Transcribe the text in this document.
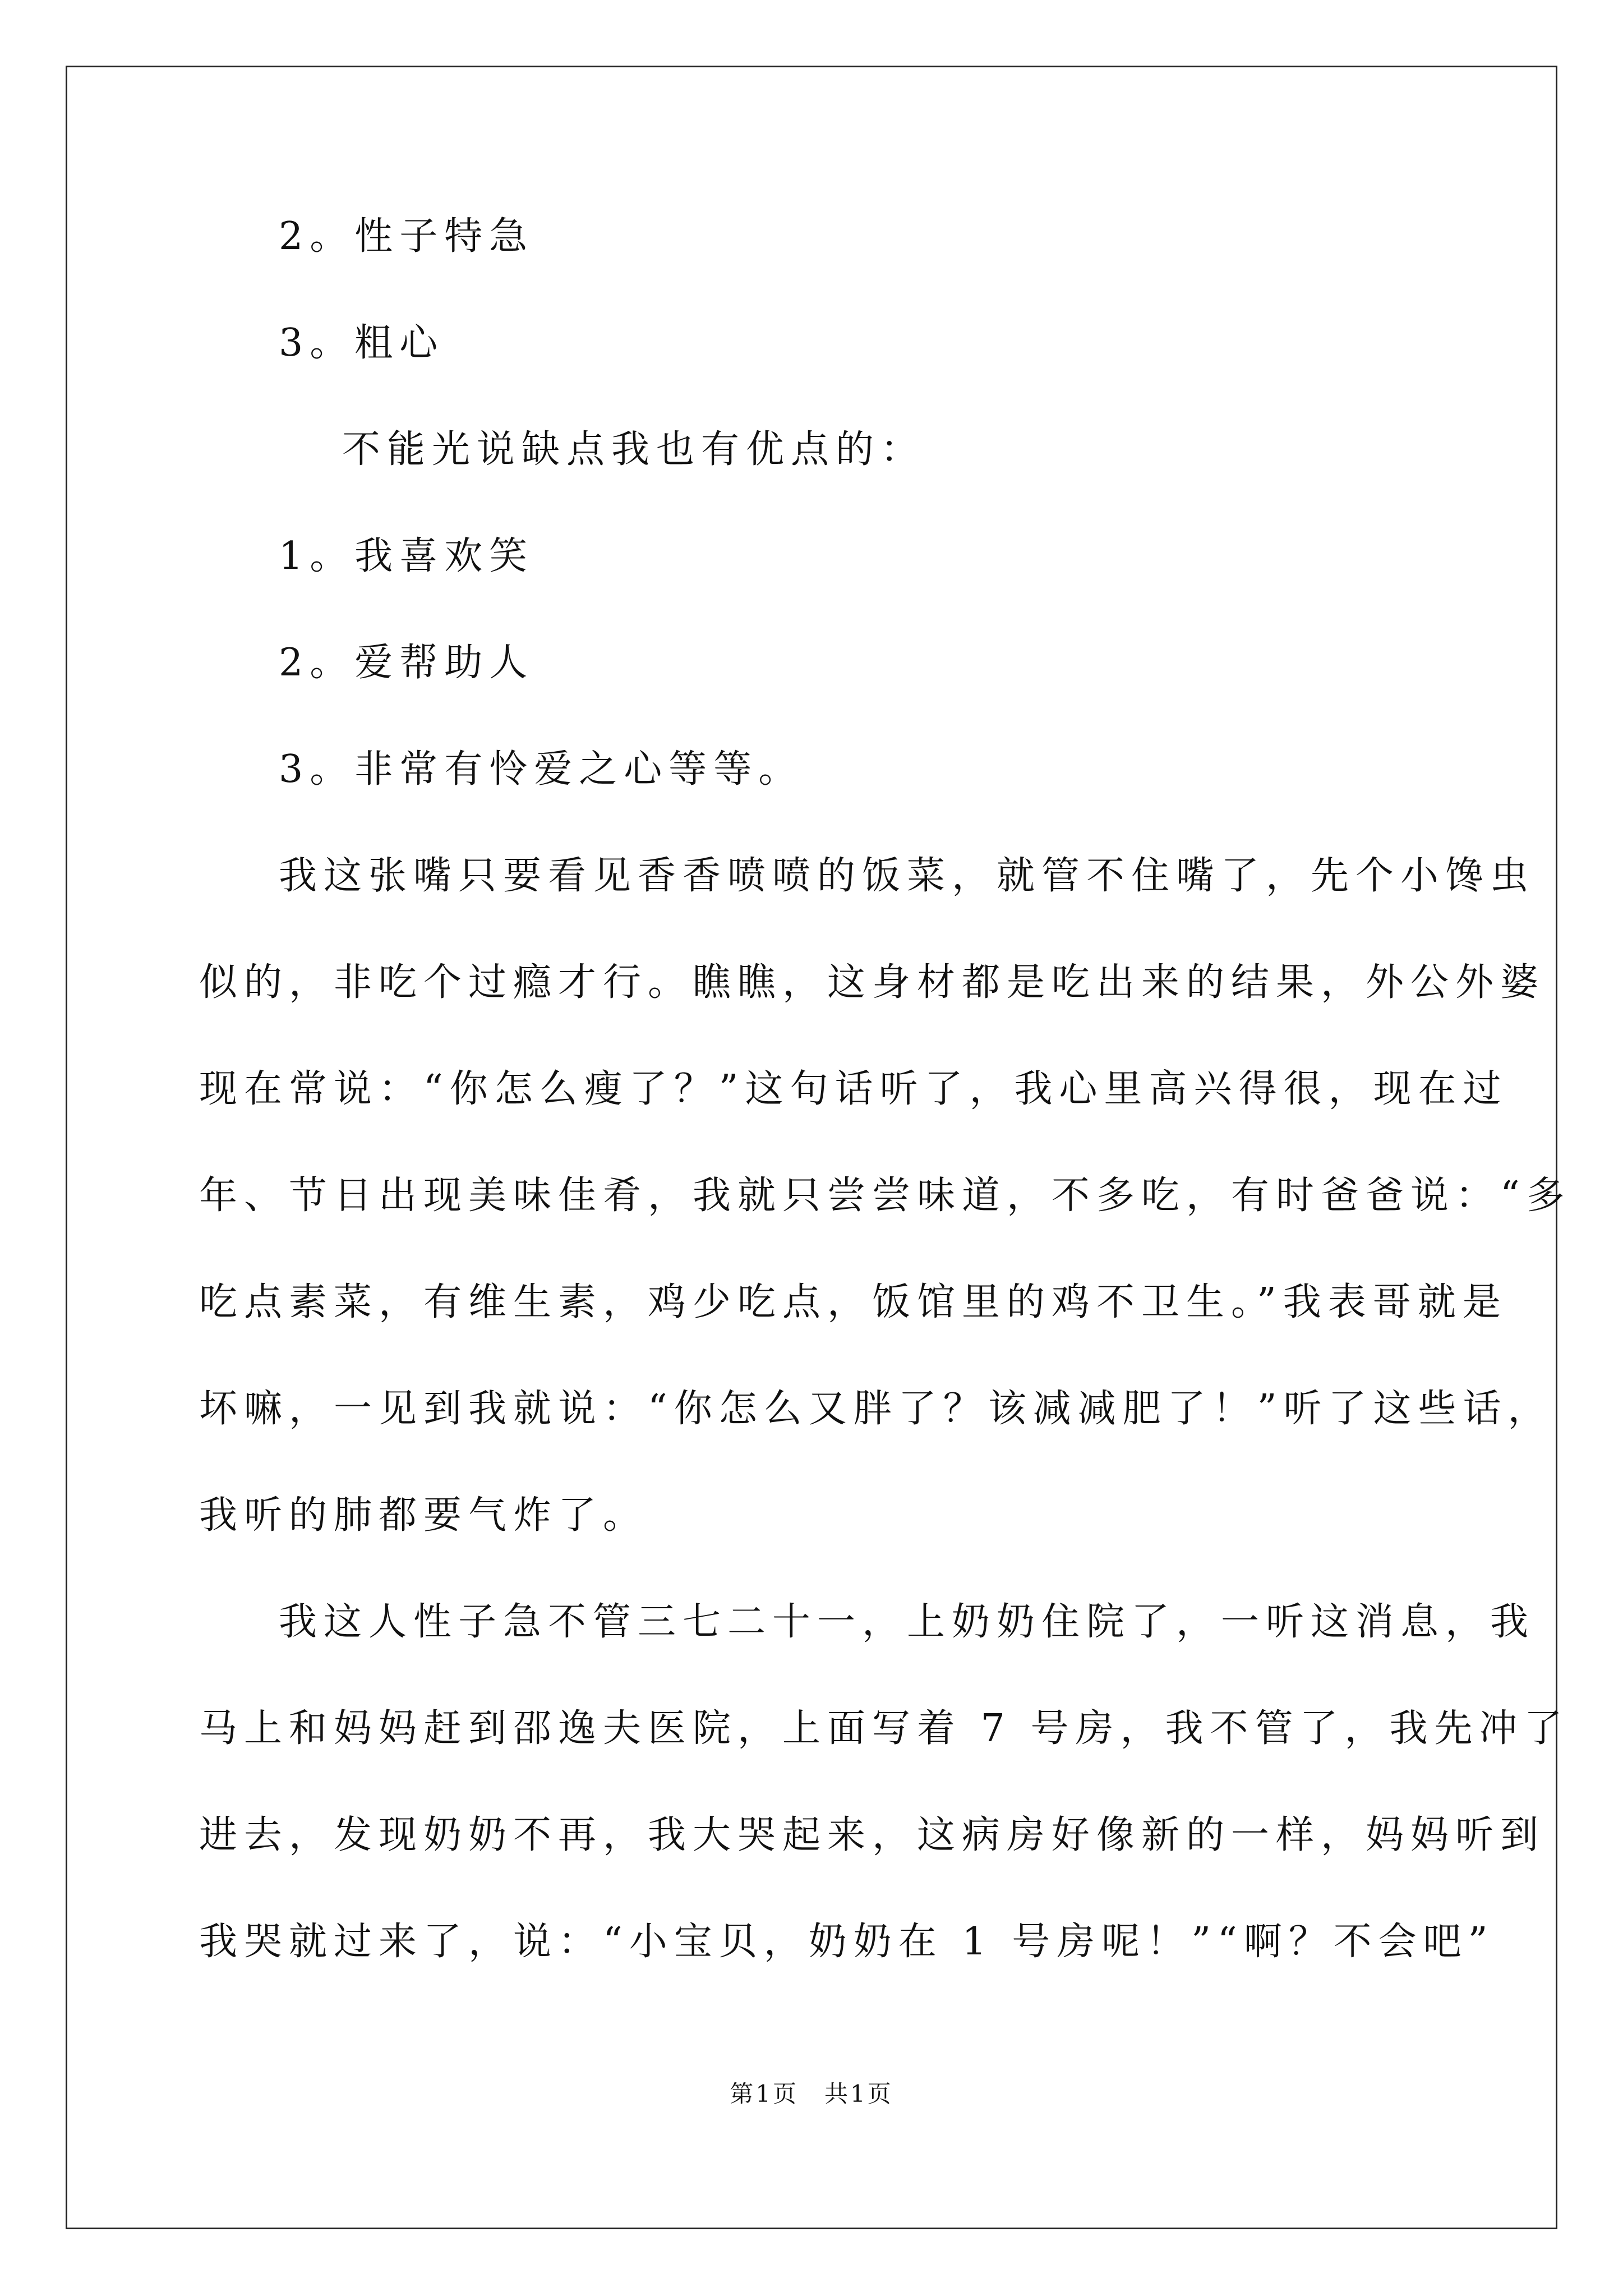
2。性子特急
3。粗心
不能光说缺点我也有优点的：
1。我喜欢笑
2。爱帮助人
3。非常有怜爱之心等等。
我这张嘴只要看见香香喷喷的饭菜，就管不住嘴了，先个小馋虫
似的，非吃个过瘾才行。瞧瞧，这身材都是吃出来的结果，外公外婆
现在常说：“你怎么瘦了？”这句话听了，我心里高兴得很，现在过
年、节日出现美味佳肴，我就只尝尝味道，不多吃，有时爸爸说：“多
吃点素菜，有维生素，鸡少吃点，饭馆里的鸡不卫生。”我表哥就是
坏嘛，一见到我就说：“你怎么又胖了？该减减肥了！”听了这些话，
我听的肺都要气炸了。
我这人性子急不管三七二十一，上奶奶住院了，一听这消息，我
马上和妈妈赶到邵逸夫医院，上面写着 7 号房，我不管了，我先冲了
进去，发现奶奶不再，我大哭起来，这病房好像新的一样，妈妈听到
我哭就过来了，说：“小宝贝，奶奶在 1 号房呢！”“啊？不会吧”
第1页　共1页
